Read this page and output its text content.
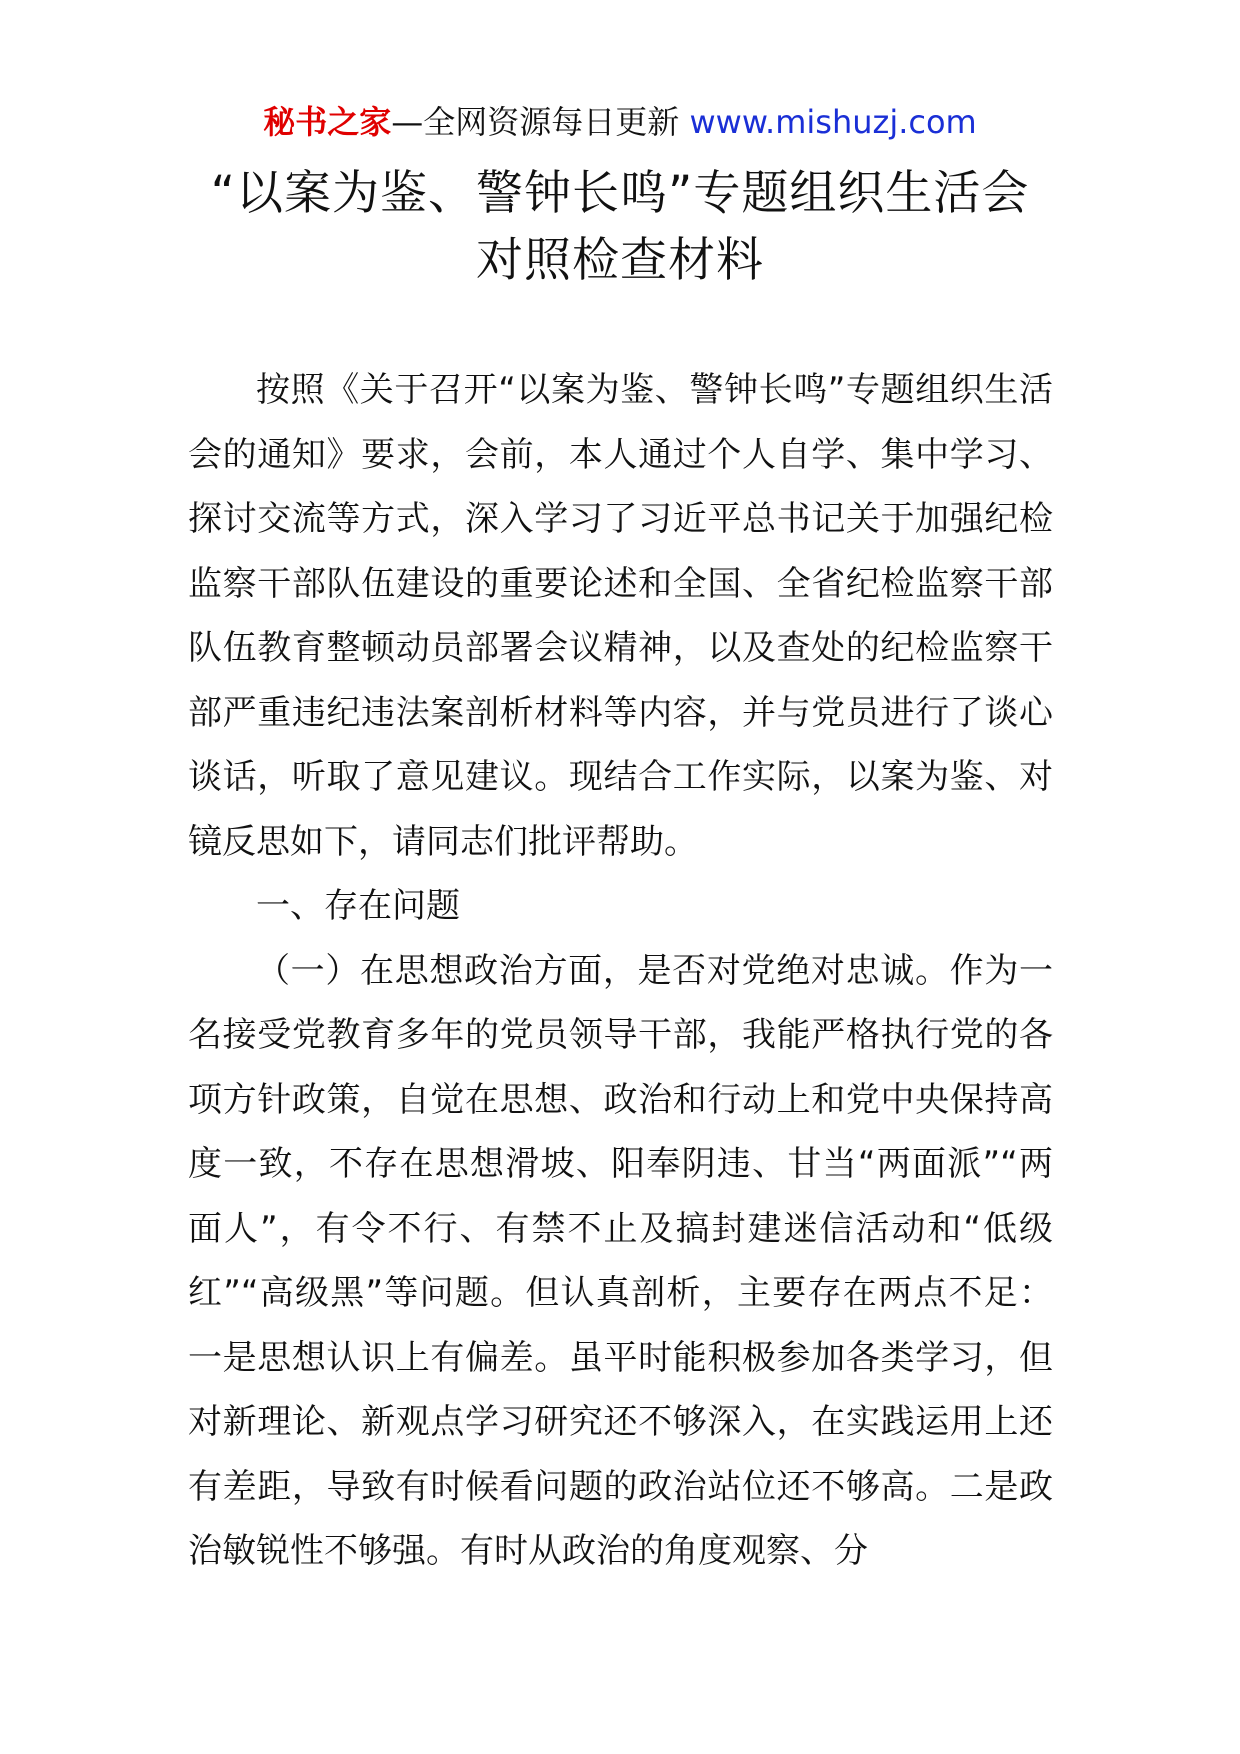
秘书之家—全网资源每日更新 www.mishuzj.com
“以案为鉴、警钟长鸣”专题组织生活会
对照检查材料

按照《关于召开“以案为鉴、警钟长鸣”专题组织生活会的通知》要求，会前，本人通过个人自学、集中学习、探讨交流等方式，深入学习了习近平总书记关于加强纪检监察干部队伍建设的重要论述和全国、全省纪检监察干部队伍教育整顿动员部署会议精神，以及查处的纪检监察干部严重违纪违法案剖析材料等内容，并与党员进行了谈心谈话，听取了意见建议。现结合工作实际，以案为鉴、对镜反思如下，请同志们批评帮助。

一、存在问题

（一）在思想政治方面，是否对党绝对忠诚。作为一名接受党教育多年的党员领导干部，我能严格执行党的各项方针政策，自觉在思想、政治和行动上和党中央保持高度一致，不存在思想滑坡、阳奉阴违、甘当“两面派”“两面人”，有令不行、有禁不止及搞封建迷信活动和“低级红”“高级黑”等问题。但认真剖析，主要存在两点不足：一是思想认识上有偏差。虽平时能积极参加各类学习，但对新理论、新观点学习研究还不够深入，在实践运用上还有差距，导致有时候看问题的政治站位还不够高。二是政治敏锐性不够强。有时从政治的角度观察、分
